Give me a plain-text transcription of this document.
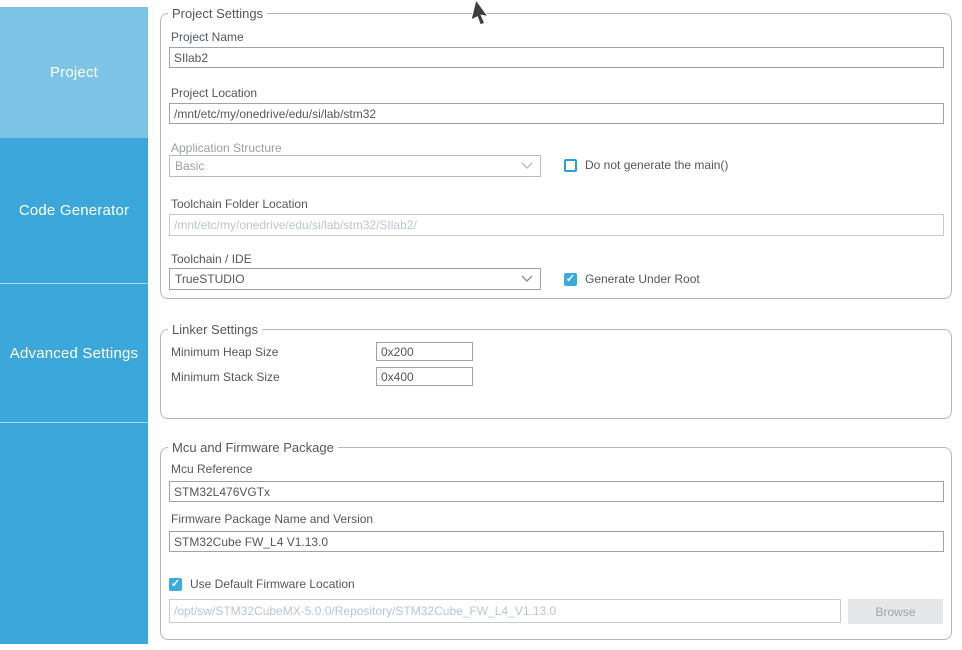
Project
Code Generator
Advanced Settings
Project Settings
Project Name
SIlab2
Project Location
/mnt/etc/my/onedrive/edu/si/lab/stm32
Application Structure
Basic	Do not generate the main()
Toolchain Folder Location
/mnt/etc/my/onedrive/edu/si/lab/stm32/SIlab2/
Toolchain / IDE
TrueSTUDIO	✓ Generate Under Root
Linker Settings
Minimum Heap Size
0x200
Minimum Stack Size
0x400
Mcu and Firmware Package
Mcu Reference
STM32L476VGTx
Firmware Package Name and Version
STM32Cube FW_L4 V1.13.0
✓ Use Default Firmware Location
/opt/sw/STM32CubeMX-5.0.0/Repository/STM32Cube_FW_L4_V1.13.0
Browse
